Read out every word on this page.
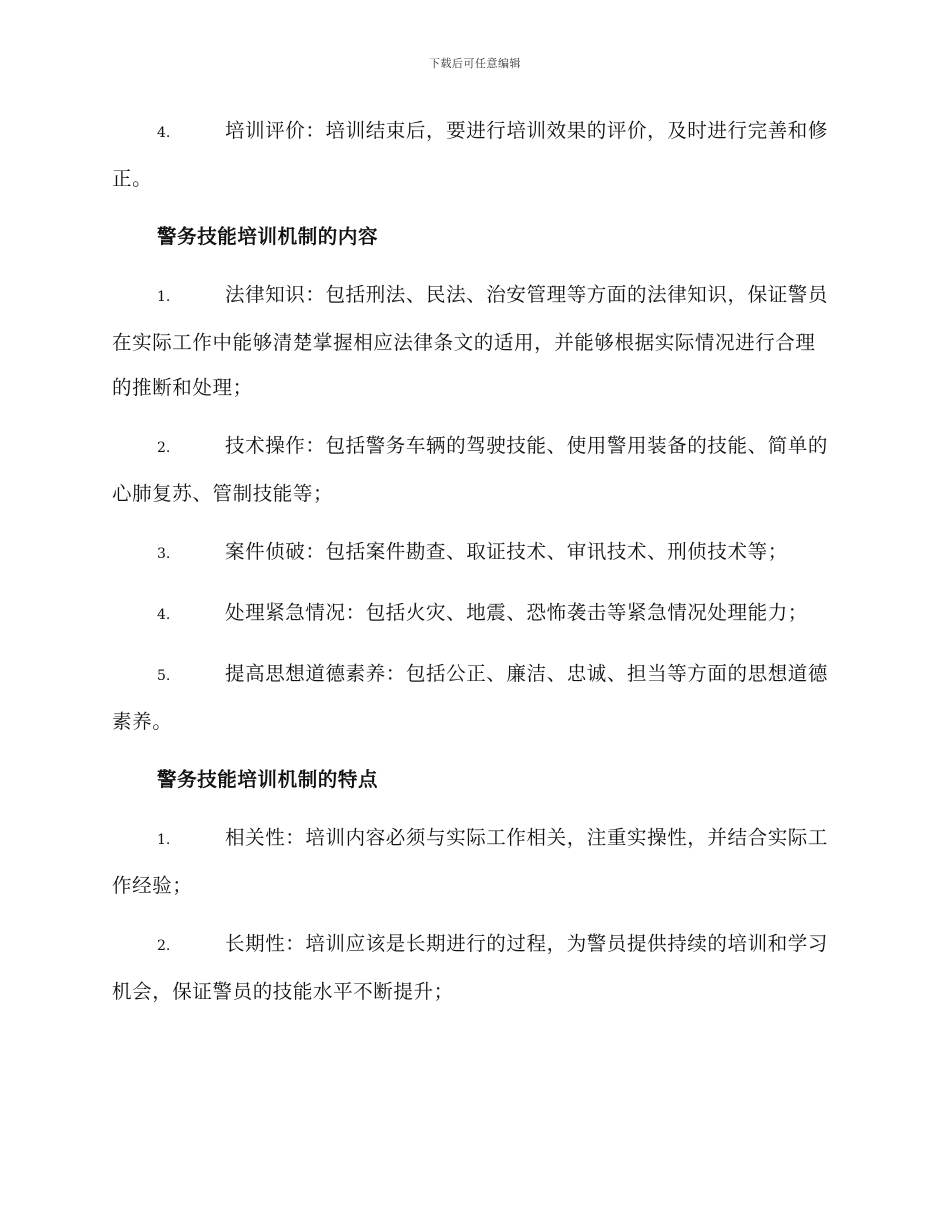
下载后可任意编辑

4.	培训评价：培训结束后，要进行培训效果的评价，及时进行完善和修正。

警务技能培训机制的内容

1.	法律知识：包括刑法、民法、治安管理等方面的法律知识，保证警员在实际工作中能够清楚掌握相应法律条文的适用，并能够根据实际情况进行合理的推断和处理；

2.	技术操作：包括警务车辆的驾驶技能、使用警用装备的技能、简单的心肺复苏、管制技能等；

3.	案件侦破：包括案件勘查、取证技术、审讯技术、刑侦技术等；

4.	处理紧急情况：包括火灾、地震、恐怖袭击等紧急情况处理能力；

5.	提高思想道德素养：包括公正、廉洁、忠诚、担当等方面的思想道德素养。

警务技能培训机制的特点

1.	相关性：培训内容必须与实际工作相关，注重实操性，并结合实际工作经验；

2.	长期性：培训应该是长期进行的过程，为警员提供持续的培训和学习机会，保证警员的技能水平不断提升；
